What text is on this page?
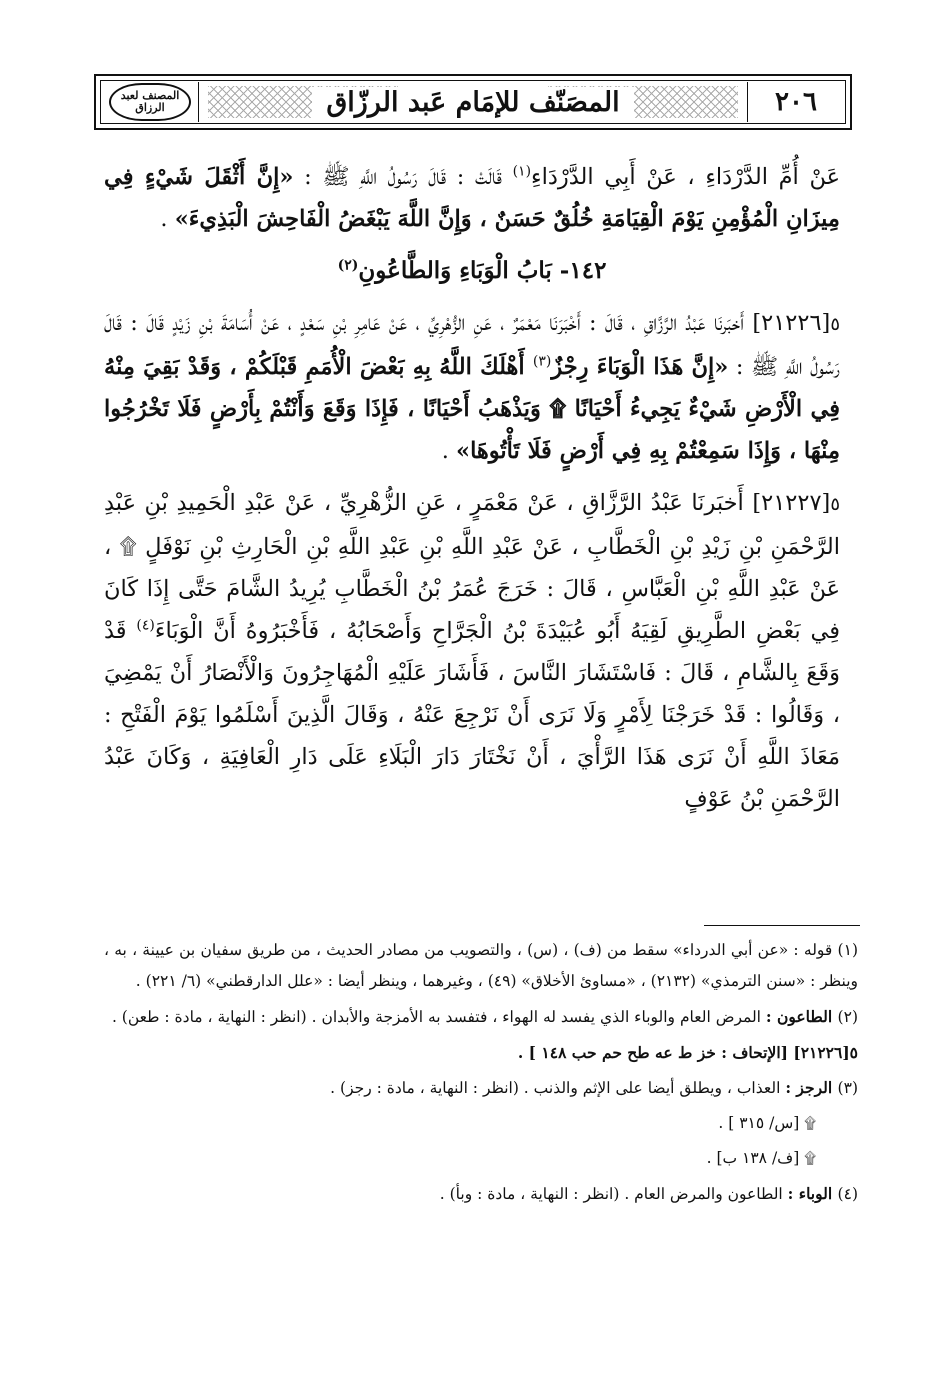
٢٠٦
المصَنّف للإمَام عَبد الرزّاق
المصنف لعبد الرزاق

عَنْ أُمِّ الدَّرْدَاءِ ، عَنْ أَبِي الدَّرْدَاءِ$^{(١)}$ قَالَتْ : قَالَ رَسُولُ اللَّهِ ﷺ : «إِنَّ أَثْقَلَ شَيْءٍ فِي مِيزَانِ الْمُؤْمِنِ يَوْمَ الْقِيَامَةِ خُلُقٌ حَسَنٌ ، وَإِنَّ اللَّهَ يَبْغَضُ الْفَاحِشَ الْبَذِيءَ» .

١٤٢- بَابُ الْوَبَاءِ وَالطَّاعُونِ$^{(٢)}$

٥[٢١٢٢٦] أَخبَرنَا عَبْدُ الرَّزَّاقِ ، قَالَ : أَخْبَرَنَا مَعْمَرٌ ، عَنِ الزُّهْرِيِّ ، عَنْ عَامِرِ بْنِ سَعْدٍ ، عَنْ أُسَامَةَ بْنِ زَيْدٍ قَالَ : قَالَ رَسُولُ اللَّهِ ﷺ : «إِنَّ هَذَا الْوَبَاءَ رِجْزٌ$^{(٣)}$ أَهْلَكَ اللَّهُ بِهِ بَعْضَ الْأُمَمِ قَبْلَكُمْ ، وَقَدْ بَقِيَ مِنْهُ فِي الْأَرْضِ شَيْءٌ يَجِيءُ أَحْيَانًا ۩ وَيَذْهَبُ أَحْيَانًا ، فَإِذَا وَقَعَ وَأَنْتُمْ بِأَرْضٍ فَلَا تَخْرُجُوا مِنْهَا ، وَإِذَا سَمِعْتُمْ بِهِ فِي أَرْضٍ فَلَا تَأْتُوهَا» .

٥[٢١٢٢٧] أَخبَرنَا عَبْدُ الرَّزَّاقِ ، عَنْ مَعْمَرٍ ، عَنِ الزُّهْرِيِّ ، عَنْ عَبْدِ الْحَمِيدِ بْنِ عَبْدِ الرَّحْمَنِ بْنِ زَيْدِ بْنِ الْخَطَّابِ ، عَنْ عَبْدِ اللَّهِ بْنِ عَبْدِ اللَّهِ بْنِ الْحَارِثِ بْنِ نَوْفَلٍ ۩ ، عَنْ عَبْدِ اللَّهِ بْنِ الْعَبَّاسِ ، قَالَ : خَرَجَ عُمَرُ بْنُ الْخَطَّابِ يُرِيدُ الشَّامَ حَتَّى إِذَا كَانَ فِي بَعْضِ الطَّرِيقِ لَقِيَهُ أَبُو عُبَيْدَةَ بْنُ الْجَرَّاحِ وَأَصْحَابُهُ ، فَأَخْبَرُوهُ أَنَّ الْوَبَاءَ$^{(٤)}$ قَدْ وَقَعَ بِالشَّامِ ، قَالَ : فَاسْتَشَارَ النَّاسَ ، فَأَشَارَ عَلَيْهِ الْمُهَاجِرُونَ وَالْأَنْصَارُ أَنْ يَمْضِيَ ، وَقَالُوا : قَدْ خَرَجْنَا لِأَمْرٍ وَلَا نَرَى أَنْ نَرْجِعَ عَنْهُ ، وَقَالَ الَّذِينَ أَسْلَمُوا يَوْمَ الْفَتْحِ : مَعَاذَ اللَّهِ أَنْ نَرَى هَذَا الرَّأْيَ ، أَنْ نَخْتَارَ دَارَ الْبَلَاءِ عَلَى دَارِ الْعَافِيَةِ ، وَكَانَ عَبْدُ الرَّحْمَنِ بْنُ عَوْفٍ

(١) قوله : «عن أبي الدرداء» سقط من (ف) ، (س) ، والتصويب من مصادر الحديث ، من طريق سفيان بن عيينة ، به ، وينظر : «سنن الترمذي» (٢١٣٢) ، «مساوئ الأخلاق» (٤٩) ، وغيرهما ، وينظر أيضا : «علل الدارقطني» (٦/ ٢٢١) .

(٢) الطاعون : المرض العام والوباء الذي يفسد له الهواء ، فتفسد به الأمزجة والأبدان . (انظر : النهاية ، مادة : طعن) .

٥[٢١٢٢٦] [الإتحاف : خز ط عه طح حم حب ١٤٨ ] .

(٣) الرجز : العذاب ، ويطلق أيضا على الإثم والذنب . (انظر : النهاية ، مادة : رجز) .

۩ [س/ ٣١٥ ] .

۩ [ف/ ١٣٨ ب] .

(٤) الوباء : الطاعون والمرض العام . (انظر : النهاية ، مادة : وبأ) .
